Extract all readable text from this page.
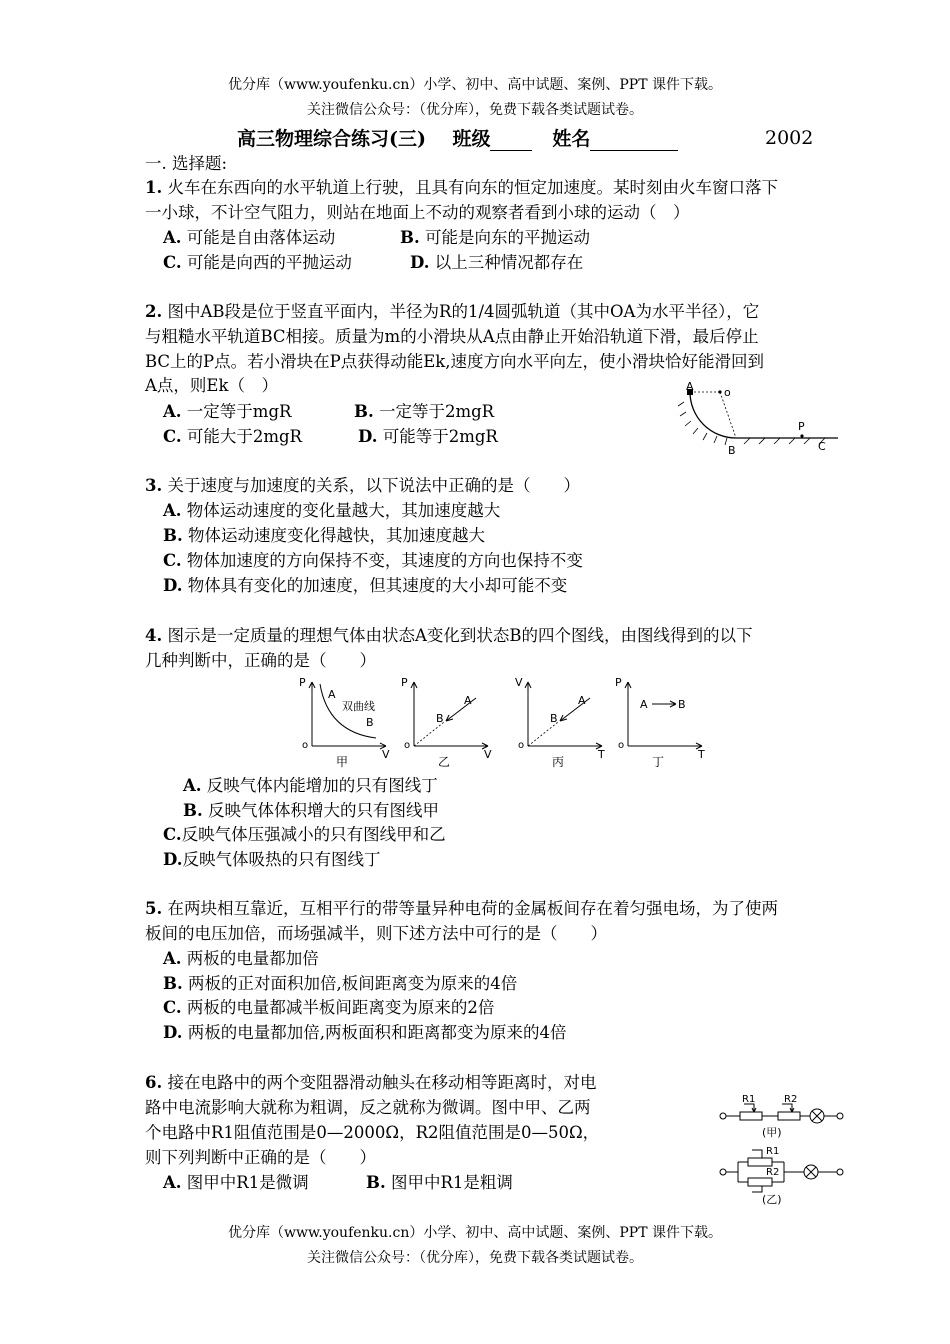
优分库（www.youfenku.cn）小学、初中、高中试题、案例、PPT 课件下载。
关注微信公众号：（优分库），免费下载各类试题试卷。
高三物理综合练习(三) 班级	姓名	2002
一. 选择题:
1. 火车在东西向的水平轨道上行驶，且具有向东的恒定加速度。某时刻由火车窗口落下
一小球，不计空气阻力，则站在地面上不动的观察者看到小球的运动（　）
A. 可能是自由落体运动	B. 可能是向东的平抛运动
C. 可能是向西的平抛运动	D. 以上三种情况都存在
2. 图中AB段是位于竖直平面内，半径为R的1/4圆弧轨道（其中OA为水平半径），它
与粗糙水平轨道BC相接。质量为m的小滑块从A点由静止开始沿轨道下滑，最后停止
BC上的P点。若小滑块在P点获得动能Ek,速度方向水平向左，使小滑块恰好能滑回到
A点，则Ek（　）
A. 一定等于mgR	B. 一定等于2mgR
C. 可能大于2mgR	D. 可能等于2mgR
A	o
B
P
C
3. 关于速度与加速度的关系，以下说法中正确的是（　　）
A. 物体运动速度的变化量越大，其加速度越大
B. 物体运动速度变化得越快，其加速度越大
C. 物体加速度的方向保持不变，其速度的方向也保持不变
D. 物体具有变化的加速度，但其速度的大小却可能不变
4. 图示是一定质量的理想气体由状态A变化到状态B的四个图线，由图线得到的以下
几种判断中，正确的是（　　）
P
V
o
A
双曲线
B
甲
P
V
o
A
B
乙
V
T
o
A
B
丙
P
T
o
A	B
丁
A. 反映气体内能增加的只有图线丁
B. 反映气体体积增大的只有图线甲
C.反映气体压强减小的只有图线甲和乙
D.反映气体吸热的只有图线丁
5. 在两块相互靠近，互相平行的带等量异种电荷的金属板间存在着匀强电场，为了使两
板间的电压加倍，而场强减半，则下述方法中可行的是（　　）
A. 两板的电量都加倍
B. 两板的正对面积加倍,板间距离变为原来的4倍
C. 两板的电量都减半板间距离变为原来的2倍
D. 两板的电量都加倍,两板面积和距离都变为原来的4倍
6. 接在电路中的两个变阻器滑动触头在移动相等距离时，对电
路中电流影响大就称为粗调，反之就称为微调。图中甲、乙两
个电路中R1阻值范围是0—2000Ω，R2阻值范围是0—50Ω，
则下列判断中正确的是（　　）
A. 图甲中R1是微调	B. 图甲中R1是粗调
R1	R2
(甲)
R1
R2
(乙)
优分库（www.youfenku.cn）小学、初中、高中试题、案例、PPT 课件下载。
关注微信公众号：（优分库），免费下载各类试题试卷。
